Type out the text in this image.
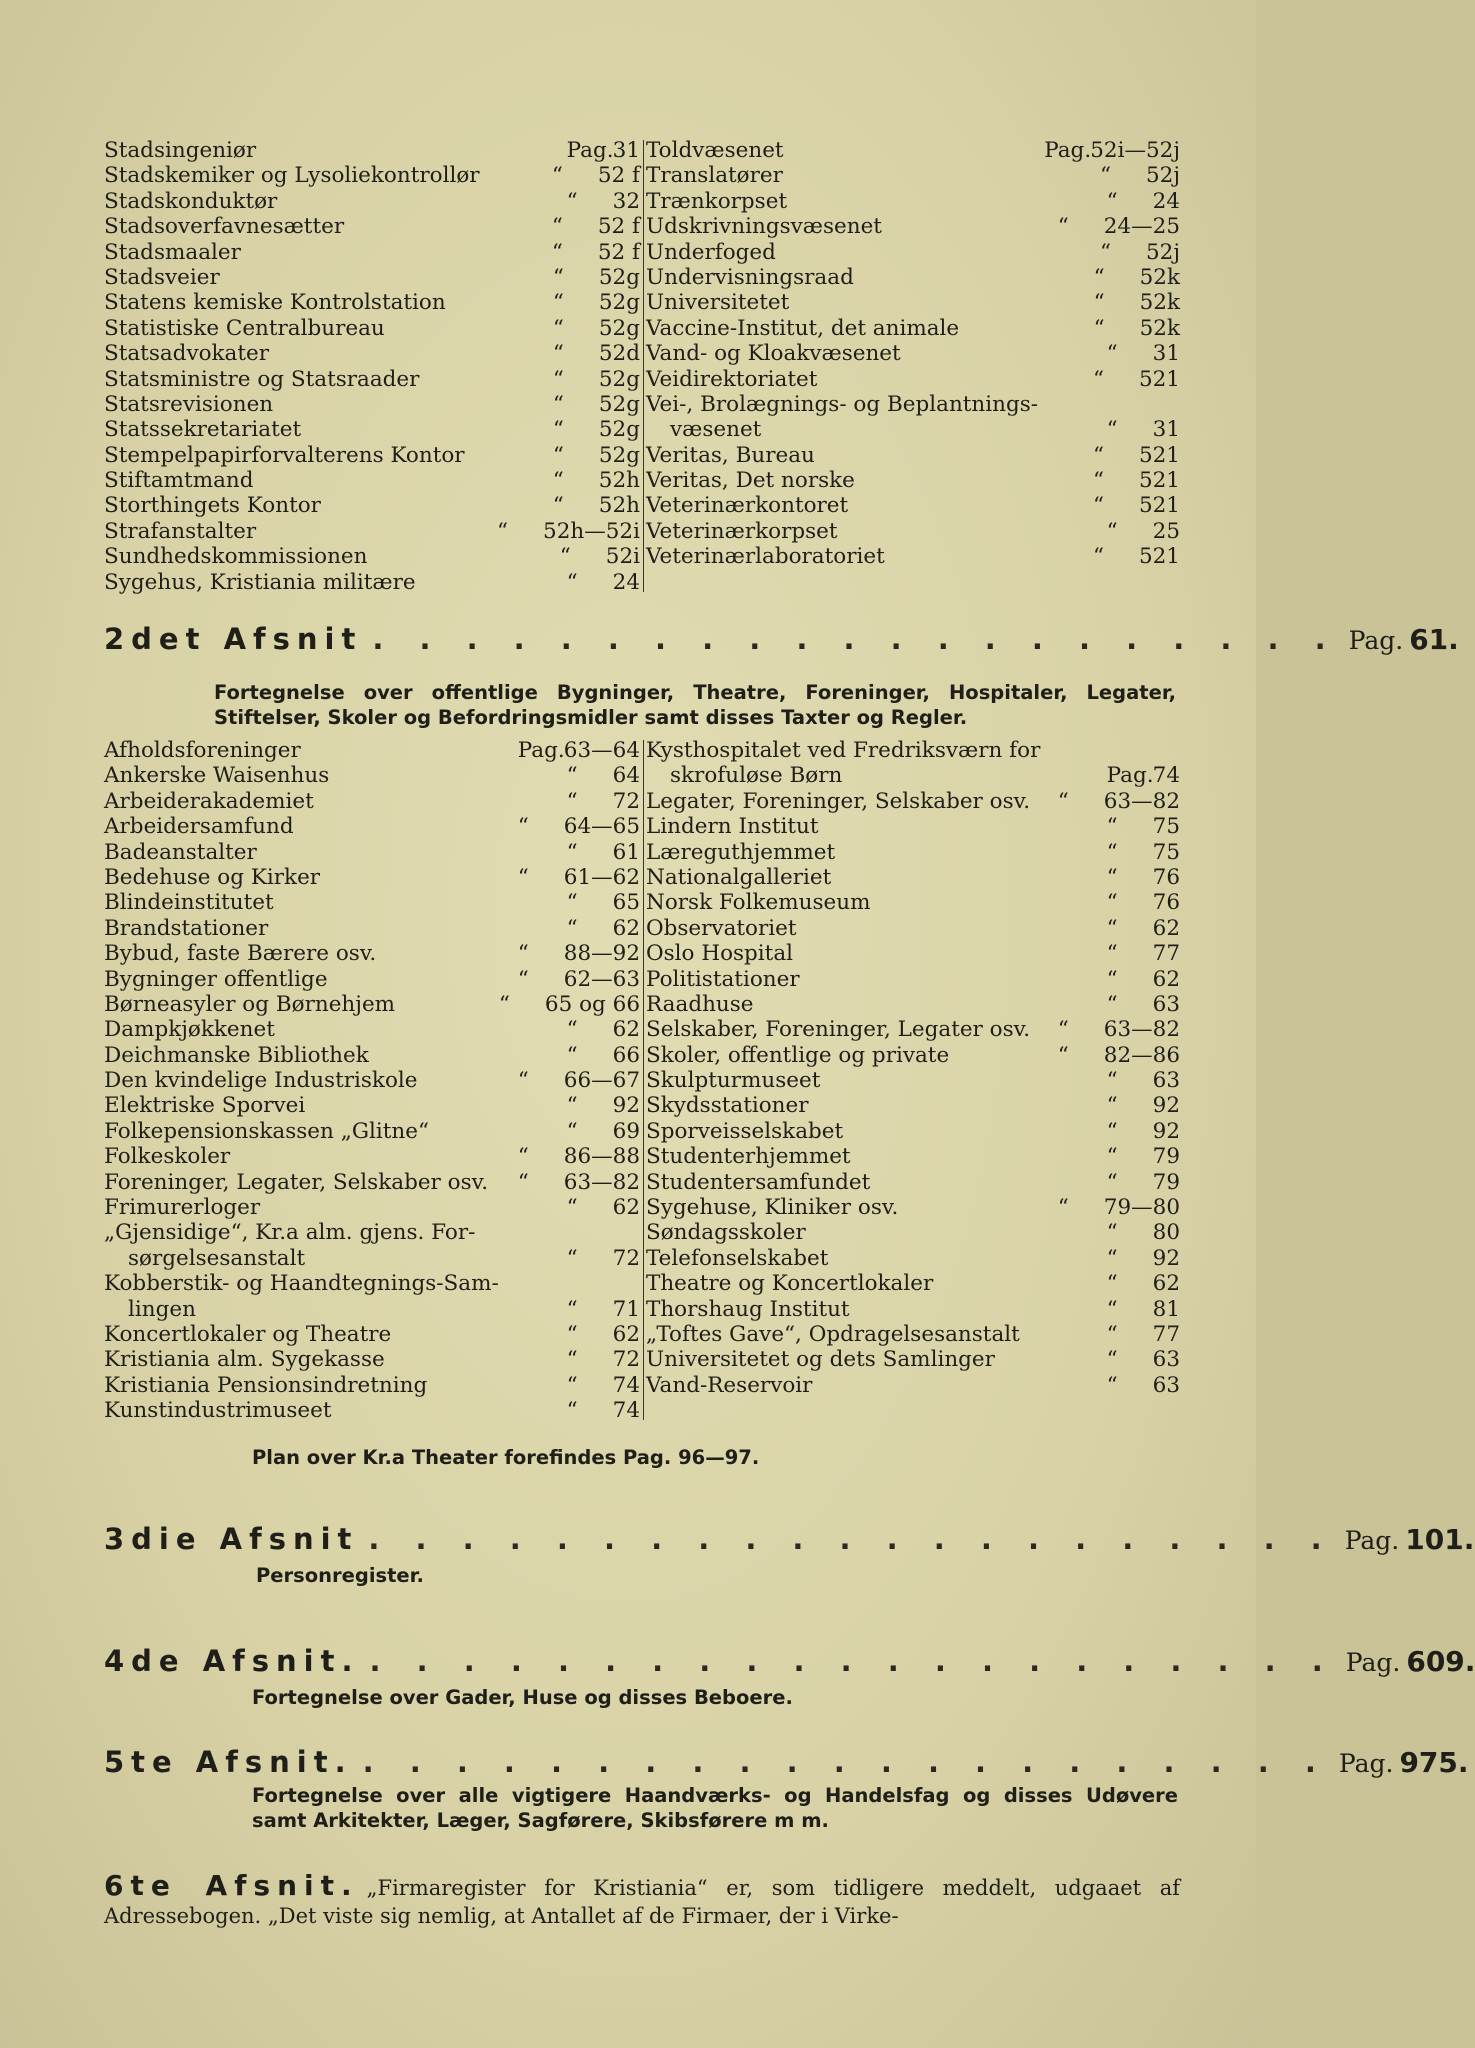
Stadsingeniør	Pag. 31
Stadskemiker og Lysoliekontrollør	“	52 f
Stadskonduktør	“	32
Stadsoverfavnesætter	“	52 f
Stadsmaaler	“	52 f
Stadsveier	“	52g
Statens kemiske Kontrolstation	“	52g
Statistiske Centralbureau	“	52g
Statsadvokater	“	52d
Statsministre og Statsraader	“	52g
Statsrevisionen	“	52g
Statssekretariatet	“	52g
Stempelpapirforvalterens Kontor	“	52g
Stiftamtmand	“	52h
Storthingets Kontor	“	52h
Strafanstalter	“	52h—52i
Sundhedskommissionen	“	52i
Sygehus, Kristiania militære	“	24
Toldvæsenet	Pag. 52i—52j
Translatører	“	52j
Trænkorpset	“	24
Udskrivningsvæsenet	“	24—25
Underfoged	“	52j
Undervisningsraad	“	52k
Universitetet	“	52k
Vaccine-Institut, det animale	“	52k
Vand- og Kloakvæsenet	“	31
Veidirektoriatet	“	521
Vei-, Brolægnings- og Beplantnings-
væsenet	“	31
Veritas, Bureau	“	521
Veritas, Det norske	“	521
Veterinærkontoret	“	521
Veterinærkorpset	“	25
Veterinærlaboratoriet	“	521
2det Afsnit . . . . . . . . . . . . . . . . . . . . . Pag. 61.
Fortegnelse over offentlige Bygninger, Theatre, Foreninger, Hospitaler, Legater, Stiftelser, Skoler og Befordringsmidler samt disses Taxter og Regler.
Afholdsforeninger	Pag. 63—64
Ankerske Waisenhus	“	64
Arbeiderakademiet	“	72
Arbeidersamfund	“	64—65
Badeanstalter	“	61
Bedehuse og Kirker	“	61—62
Blindeinstitutet	“	65
Brandstationer	“	62
Bybud, faste Bærere osv.	“	88—92
Bygninger offentlige	“	62—63
Børneasyler og Børnehjem	“	65 og 66
Dampkjøkkenet	“	62
Deichmanske Bibliothek	“	66
Den kvindelige Industriskole	“	66—67
Elektriske Sporvei	“	92
Folkepensionskassen „Glitne“	“	69
Folkeskoler	“	86—88
Foreninger, Legater, Selskaber osv.	“	63—82
Frimurerloger	“	62
„Gjensidige“, Kr.a alm. gjens. For-
sørgelsesanstalt	“	72
Kobberstik- og Haandtegnings-Sam-
lingen	“	71
Koncertlokaler og Theatre	“	62
Kristiania alm. Sygekasse	“	72
Kristiania Pensionsindretning	“	74
Kunstindustrimuseet	“	74
Kysthospitalet ved Fredriksværn for
skrofuløse Børn	Pag. 74
Legater, Foreninger, Selskaber osv.	“	63—82
Lindern Institut	“	75
Læreguthjemmet	“	75
Nationalgalleriet	“	76
Norsk Folkemuseum	“	76
Observatoriet	“	62
Oslo Hospital	“	77
Politistationer	“	62
Raadhuse	“	63
Selskaber, Foreninger, Legater osv.	“	63—82
Skoler, offentlige og private	“	82—86
Skulpturmuseet	“	63
Skydsstationer	“	92
Sporveisselskabet	“	92
Studenterhjemmet	“	79
Studentersamfundet	“	79
Sygehuse, Kliniker osv.	“	79—80
Søndagsskoler	“	80
Telefonselskabet	“	92
Theatre og Koncertlokaler	“	62
Thorshaug Institut	“	81
„Toftes Gave“, Opdragelsesanstalt	“	77
Universitetet og dets Samlinger	“	63
Vand-Reservoir	“	63
Plan over Kr.a Theater forefindes Pag. 96—97.
3die Afsnit . . . . . . . . . . . . . . . . . . . . . Pag. 101.
Personregister.
4de Afsnit. . . . . . . . . . . . . . . . . . . . . . Pag. 609.
Fortegnelse over Gader, Huse og disses Beboere.
5te Afsnit. . . . . . . . . . . . . . . . . . . . . . Pag. 975.
Fortegnelse over alle vigtigere Haandværks- og Handelsfag og disses Udøvere samt Arkitekter, Læger, Sagførere, Skibsførere m m.
6te Afsnit. „Firmaregister for Kristiania“ er, som tidligere meddelt, udgaaet af Adressebogen. „Det viste sig nemlig, at Antallet af de Firmaer, der i Virke-
